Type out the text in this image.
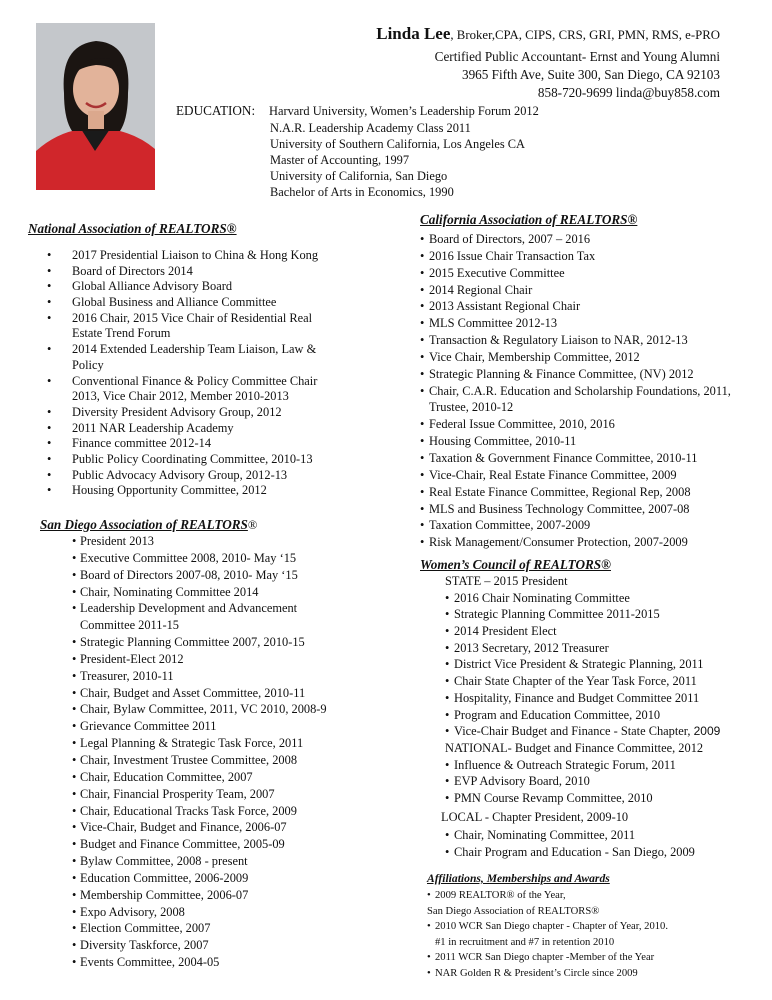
Linda Lee, Broker,CPA, CIPS, CRS, GRI, PMN, RMS, e-PRO
Certified Public Accountant- Ernst and Young Alumni
3965 Fifth Ave, Suite 300, San Diego, CA 92103
858-720-9699 linda@buy858.com
EDUCATION: Harvard University, Women’s Leadership Forum 2012
N.A.R. Leadership Academy Class 2011
University of Southern California, Los Angeles CA
Master of Accounting, 1997
University of California, San Diego
Bachelor of Arts in Economics, 1990
National Association of REALTORS®
• 2017 Presidential Liaison to China & Hong Kong
• Board of Directors 2014
• Global Alliance Advisory Board
• Global Business and Alliance Committee
• 2016 Chair, 2015 Vice Chair of Residential Real Estate Trend Forum
• 2014 Extended Leadership Team Liaison, Law & Policy
• Conventional Finance & Policy Committee Chair 2013, Vice Chair 2012, Member 2010-2013
• Diversity President Advisory Group, 2012
• 2011 NAR Leadership Academy
• Finance committee 2012-14
• Public Policy Coordinating Committee, 2010-13
• Public Advocacy Advisory Group, 2012-13
• Housing Opportunity Committee, 2012
San Diego Association of REALTORS®
• President 2013
• Executive Committee 2008, 2010- May ‘15
• Board of Directors 2007-08, 2010- May ‘15
• Chair, Nominating Committee 2014
• Leadership Development and Advancement Committee 2011-15
• Strategic Planning Committee 2007, 2010-15
• President-Elect 2012
• Treasurer, 2010-11
• Chair, Budget and Asset Committee, 2010-11
• Chair, Bylaw Committee, 2011, VC 2010, 2008-9
• Grievance Committee 2011
• Legal Planning & Strategic Task Force, 2011
• Chair, Investment Trustee Committee, 2008
• Chair, Education Committee, 2007
• Chair, Financial Prosperity Team, 2007
• Chair, Educational Tracks Task Force, 2009
• Vice-Chair, Budget and Finance, 2006-07
• Budget and Finance Committee, 2005-09
• Bylaw Committee, 2008 - present
• Education Committee, 2006-2009
• Membership Committee, 2006-07
• Expo Advisory, 2008
• Election Committee, 2007
• Diversity Taskforce, 2007
• Events Committee, 2004-05
California Association of REALTORS®
• Board of Directors, 2007 – 2016
• 2016 Issue Chair Transaction Tax
• 2015 Executive Committee
• 2014 Regional Chair
• 2013 Assistant Regional Chair
• MLS Committee 2012-13
• Transaction & Regulatory Liaison to NAR, 2012-13
• Vice Chair, Membership Committee, 2012
• Strategic Planning & Finance Committee, (NV) 2012
• Chair, C.A.R. Education and Scholarship Foundations, 2011, Trustee, 2010-12
• Federal Issue Committee, 2010, 2016
• Housing Committee, 2010-11
• Taxation & Government Finance Committee, 2010-11
• Vice-Chair, Real Estate Finance Committee, 2009
• Real Estate Finance Committee, Regional Rep, 2008
• MLS and Business Technology Committee, 2007-08
• Taxation Committee, 2007-2009
• Risk Management/Consumer Protection, 2007-2009
Women’s Council of REALTORS®
STATE – 2015 President
• 2016 Chair Nominating Committee
• Strategic Planning Committee 2011-2015
• 2014 President Elect
• 2013 Secretary, 2012 Treasurer
• District Vice President & Strategic Planning, 2011
• Chair State Chapter of the Year Task Force, 2011
• Hospitality, Finance and Budget Committee 2011
• Program and Education Committee, 2010
• Vice-Chair Budget and Finance - State Chapter, 2009
NATIONAL- Budget and Finance Committee, 2012
• Influence & Outreach Strategic Forum, 2011
• EVP Advisory Board, 2010
• PMN Course Revamp Committee, 2010
LOCAL - Chapter President, 2009-10
• Chair, Nominating Committee, 2011
• Chair Program and Education - San Diego, 2009
Affiliations, Memberships and Awards
• 2009 REALTOR® of the Year,
San Diego Association of REALTORS®
• 2010 WCR San Diego chapter - Chapter of Year, 2010.
#1 in recruitment and #7 in retention 2010
• 2011 WCR San Diego chapter -Member of the Year
• NAR Golden R & President’s Circle since 2009
